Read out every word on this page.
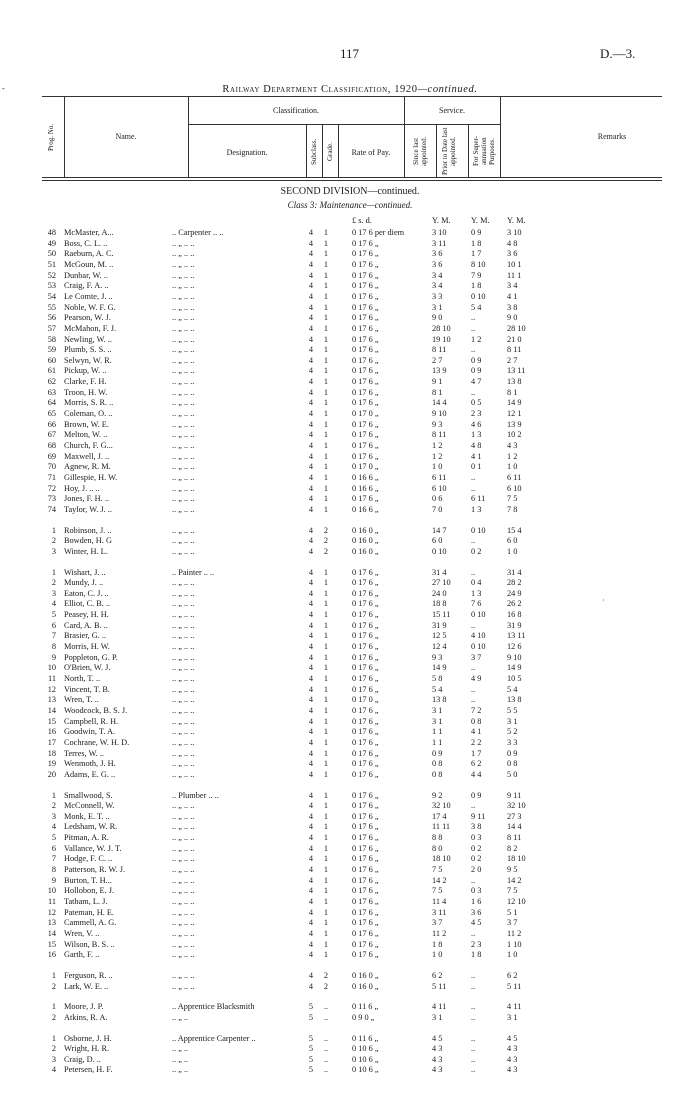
117	D.—3.
Railway Department Classification, 1920—continued.
Prog. No.	Name.
Classification.
Designation.	Subclass. Grade.	Rate of Pay.
Service.
Since last appointed. Prior to Date last appointed.	For Super-annuation Purposes.
Remarks
SECOND DIVISION—continued.
Class 3: Maintenance—continued.
£ s. d.	Y. M.	Y. M.	Y. M.
48 McMaster, A...	.. Carpenter .. ..	4	1	0 17 6 per diem	3 10	0 9	3 10
49 Boss, C. L. ..	.. „ .. ..	4	1	0 17 6 „	3 11	1 8	4 8
50 Raeburn, A. C.	.. „ .. ..	4	1	0 17 6 „	3 6	1 7	3 6
51 McGoun, M. ..	.. „ .. ..	4	1	0 17 6 „	3 6	8 10	10 1
52 Dunbar, W. ..	.. „ .. ..	4	1	0 17 6 „	3 4	7 9	11 1
53 Craig, F. A. ..	.. „ .. ..	4	1	0 17 6 „	3 4	1 8	3 4
54 Le Comte, J. ..	.. „ .. ..	4	1	0 17 6 „	3 3	0 10	4 1
55 Noble, W. F. G.	.. „ .. ..	4	1	0 17 6 „	3 1	5 4	3 8
56 Pearson, W. J.	.. „ .. ..	4	1	0 17 6 „	9 0	..	9 0
57 McMahon, F. J.	.. „ .. ..	4	1	0 17 6 „	28 10	..	28 10
58 Newling, W. ..	.. „ .. ..	4	1	0 17 6 „	19 10	1 2	21 0
59 Plumb, S. S. ..	.. „ .. ..	4	1	0 17 6 „	8 11	..	8 11
60 Selwyn, W. R.	.. „ .. ..	4	1	0 17 6 „	2 7	0 9	2 7
61 Pickup, W. ..	.. „ .. ..	4	1	0 17 6 „	13 9	0 9	13 11
62 Clarke, F. H.	.. „ .. ..	4	1	0 17 6 „	9 1	4 7	13 8
63 Troon, H. W.	.. „ .. ..	4	1	0 17 6 „	8 1	..	8 1
64 Morris, S. R. ..	.. „ .. ..	4	1	0 17 6 „	14 4	0 5	14 9
65 Coleman, O. ..	.. „ .. ..	4	1	0 17 0 „	9 10	2 3	12 1
66 Brown, W. E.	.. „ .. ..	4	1	0 17 6 „	9 3	4 6	13 9
67 Melton, W. ..	.. „ .. ..	4	1	0 17 6 „	8 11	1 3	10 2
68 Church, F. G...	.. „ .. ..	4	1	0 17 6 „	1 2	4 8	4 3
69 Maxwell, J. ..	.. „ .. ..	4	1	0 17 6 „	1 2	4 1	1 2
70 Agnew, R. M.	.. „ .. ..	4	1	0 17 0 „	1 0	0 1	1 0
71 Gillespie, H. W.	.. „ .. ..	4	1	0 16 6 „	6 11	..	6 11
72 Hoy, J. .. ..	.. „ .. ..	4	1	0 16 6 „	6 10	..	6 10
73 Jones, F. H. ..	.. „ .. ..	4	1	0 17 6 „	0 6	6 11	7 5
74 Taylor, W. J. ..	.. „ .. ..	4	1	0 16 6 „	7 0	1 3	7 8
1 Robinson, J. ..	.. „ .. ..	4	2	0 16 0 „	14 7	0 10	15 4
2 Bowden, H. G	.. „ .. ..	4	2	0 16 0 „	6 0	..	6 0
3 Winter, H. L.	.. „ .. ..	4	2	0 16 0 „	0 10	0 2	1 0
1 Wishart, J. ..	.. Painter .. ..	4	1	0 17 6 „	31 4	..	31 4
2 Mundy, J. ..	.. „ .. ..	4	1	0 17 6 „	27 10	0 4	28 2
3 Eaton, C. J. ..	.. „ .. ..	4	1	0 17 6 „	24 0	1 3	24 9
4 Elliot, C. B. ..	.. „ .. ..	4	1	0 17 6 „	18 8	7 6	26 2
5 Peasey, H. H.	.. „ .. ..	4	1	0 17 6 „	15 11	0 10	16 8
6 Card, A. B. ..	.. „ .. ..	4	1	0 17 6 „	31 9	..	31 9
7 Brasier, G. ..	.. „ .. ..	4	1	0 17 6 „	12 5	4 10	13 11
8 Morris, H. W.	.. „ .. ..	4	1	0 17 6 „	12 4	0 10	12 6
9 Poppleton, G. P.	.. „ .. ..	4	1	0 17 6 „	9 3	3 7	9 10
10 O'Brien, W. J.	.. „ .. ..	4	1	0 17 6 „	14 9	..	14 9
11 North, T. ..	.. „ .. ..	4	1	0 17 6 „	5 8	4 9	10 5
12 Vincent, T. B.	.. „ .. ..	4	1	0 17 6 „	5 4	..	5 4
13 Wren, T. ..	.. „ .. ..	4	1	0 17 0 „	13 8	..	13 8
14 Woodcock, B. S. J.	.. „ .. ..	4	1	0 17 6 „	3 1	7 2	5 5
15 Campbell, R. H.	.. „ .. ..	4	1	0 17 6 „	3 1	0 8	3 1
16 Goodwin, T. A.	.. „ .. ..	4	1	0 17 6 „	1 1	4 1	5 2
17 Cochrane, W. H. D.	.. „ .. ..	4	1	0 17 6 „	1 1	2 2	3 3
18 Terres, W. ..	.. „ .. ..	4	1	0 17 6 „	0 9	1 7	0 9
19 Wenmoth, J. H.	.. „ .. ..	4	1	0 17 6 „	0 8	6 2	0 8
20 Adams, E. G. ..	.. „ .. ..	4	1	0 17 6 „	0 8	4 4	5 0
1 Smallwood, S.	.. Plumber .. ..	4	1	0 17 6 „	9 2	0 9	9 11
2 McConnell, W.	.. „ .. ..	4	1	0 17 6 „	32 10	..	32 10
3 Monk, E. T. ..	.. „ .. ..	4	1	0 17 6 „	17 4	9 11	27 3
4 Ledsham, W. R.	.. „ .. ..	4	1	0 17 6 „	11 11	3 8	14 4
5 Pitman, A. R.	.. „ .. ..	4	1	0 17 6 „	8 8	0 3	8 11
6 Vallance, W. J. T.	.. „ .. ..	4	1	0 17 6 „	8 0	0 2	8 2
7 Hodge, F. C. ..	.. „ .. ..	4	1	0 17 6 „	18 10	0 2	18 10
8 Patterson, R. W. J.	.. „ .. ..	4	1	0 17 6 „	7 5	2 0	9 5
9 Burton, T. H...	.. „ .. ..	4	1	0 17 6 „	14 2	..	14 2
10 Hollobon, E. J.	.. „ .. ..	4	1	0 17 6 „	7 5	0 3	7 5
11 Tatham, L. J.	.. „ .. ..	4	1	0 17 6 „	11 4	1 6	12 10
12 Pateman, H. E.	.. „ .. ..	4	1	0 17 6 „	3 11	3 6	5 1
13 Cammell, A. G.	.. „ .. ..	4	1	0 17 6 „	3 7	4 5	3 7
14 Wren, V. ..	.. „ .. ..	4	1	0 17 6 „	11 2	..	11 2
15 Wilson, B. S. ..	.. „ .. ..	4	1	0 17 6 „	1 8	2 3	1 10
16 Garth, F. ..	.. „ .. ..	4	1	0 17 6 „	1 0	1 8	1 0
1 Ferguson, R. ..	.. „ .. ..	4	2	0 16 0 „	6 2	..	6 2
2 Lark, W. E. ..	.. „ .. ..	4	2	0 16 0 „	5 11	..	5 11
1 Moore, J. P.	.. Apprentice Blacksmith	5	..	0 11 6 „	4 11	..	4 11
2 Atkins, R. A.	.. „ ..	5	..	0 9 0 „	3 1	..	3 1
1 Osborne, J. H.	.. Apprentice Carpenter ..	5	..	0 11 6 „	4 5	..	4 5
2 Wright, H. R.	.. „ ..	5	..	0 10 6 „	4 3	..	4 3
3 Craig, D. ..	.. „ ..	5	..	0 10 6 „	4 3	..	4 3
4 Petersen, H. F.	.. „ ..	5	..	0 10 6 „	4 3	..	4 3
-
·
